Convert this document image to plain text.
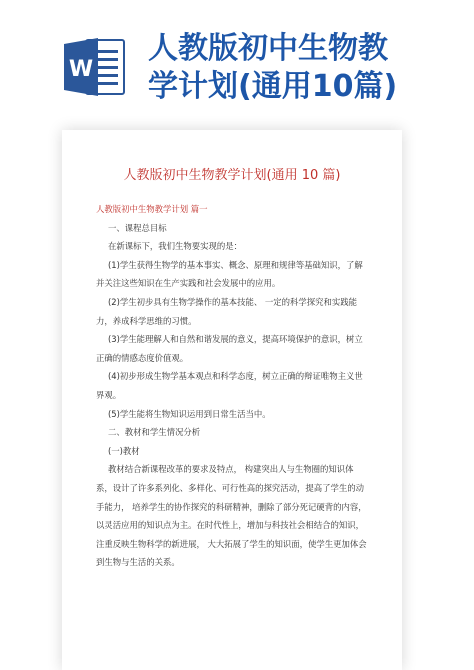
W
人教版初中生物教
学计划(通用10篇)
人教版初中生物教学计划(通用 10 篇)
人教版初中生物教学计划 篇一
一、课程总目标
在新课标下，我们生物要实现的是：
(1)学生获得生物学的基本事实、概念、原理和规律等基础知识，了解
并关注这些知识在生产实践和社会发展中的应用。
(2)学生初步具有生物学操作的基本技能、 一定的科学探究和实践能
力，养成科学思维的习惯。
(3)学生能理解人和自然和谐发展的意义，提高环境保护的意识，树立
正确的情感态度价值观。
(4)初步形成生物学基本观点和科学态度，树立正确的辩证唯物主义世
界观。
(5)学生能将生物知识运用到日常生活当中。
二、教材和学生情况分析
(一)教材
教材结合新课程改革的要求及特点， 构建突出人与生物圈的知识体
系，设计了许多系列化、多样化、可行性高的探究活动，提高了学生的动
手能力， 培养学生的协作探究的科研精神，删除了部分死记硬背的内容，
以灵活应用的知识点为主。在时代性上，增加与科技社会相结合的知识，
注重反映生物科学的新进展， 大大拓展了学生的知识面，使学生更加体会
到生物与生活的关系。
